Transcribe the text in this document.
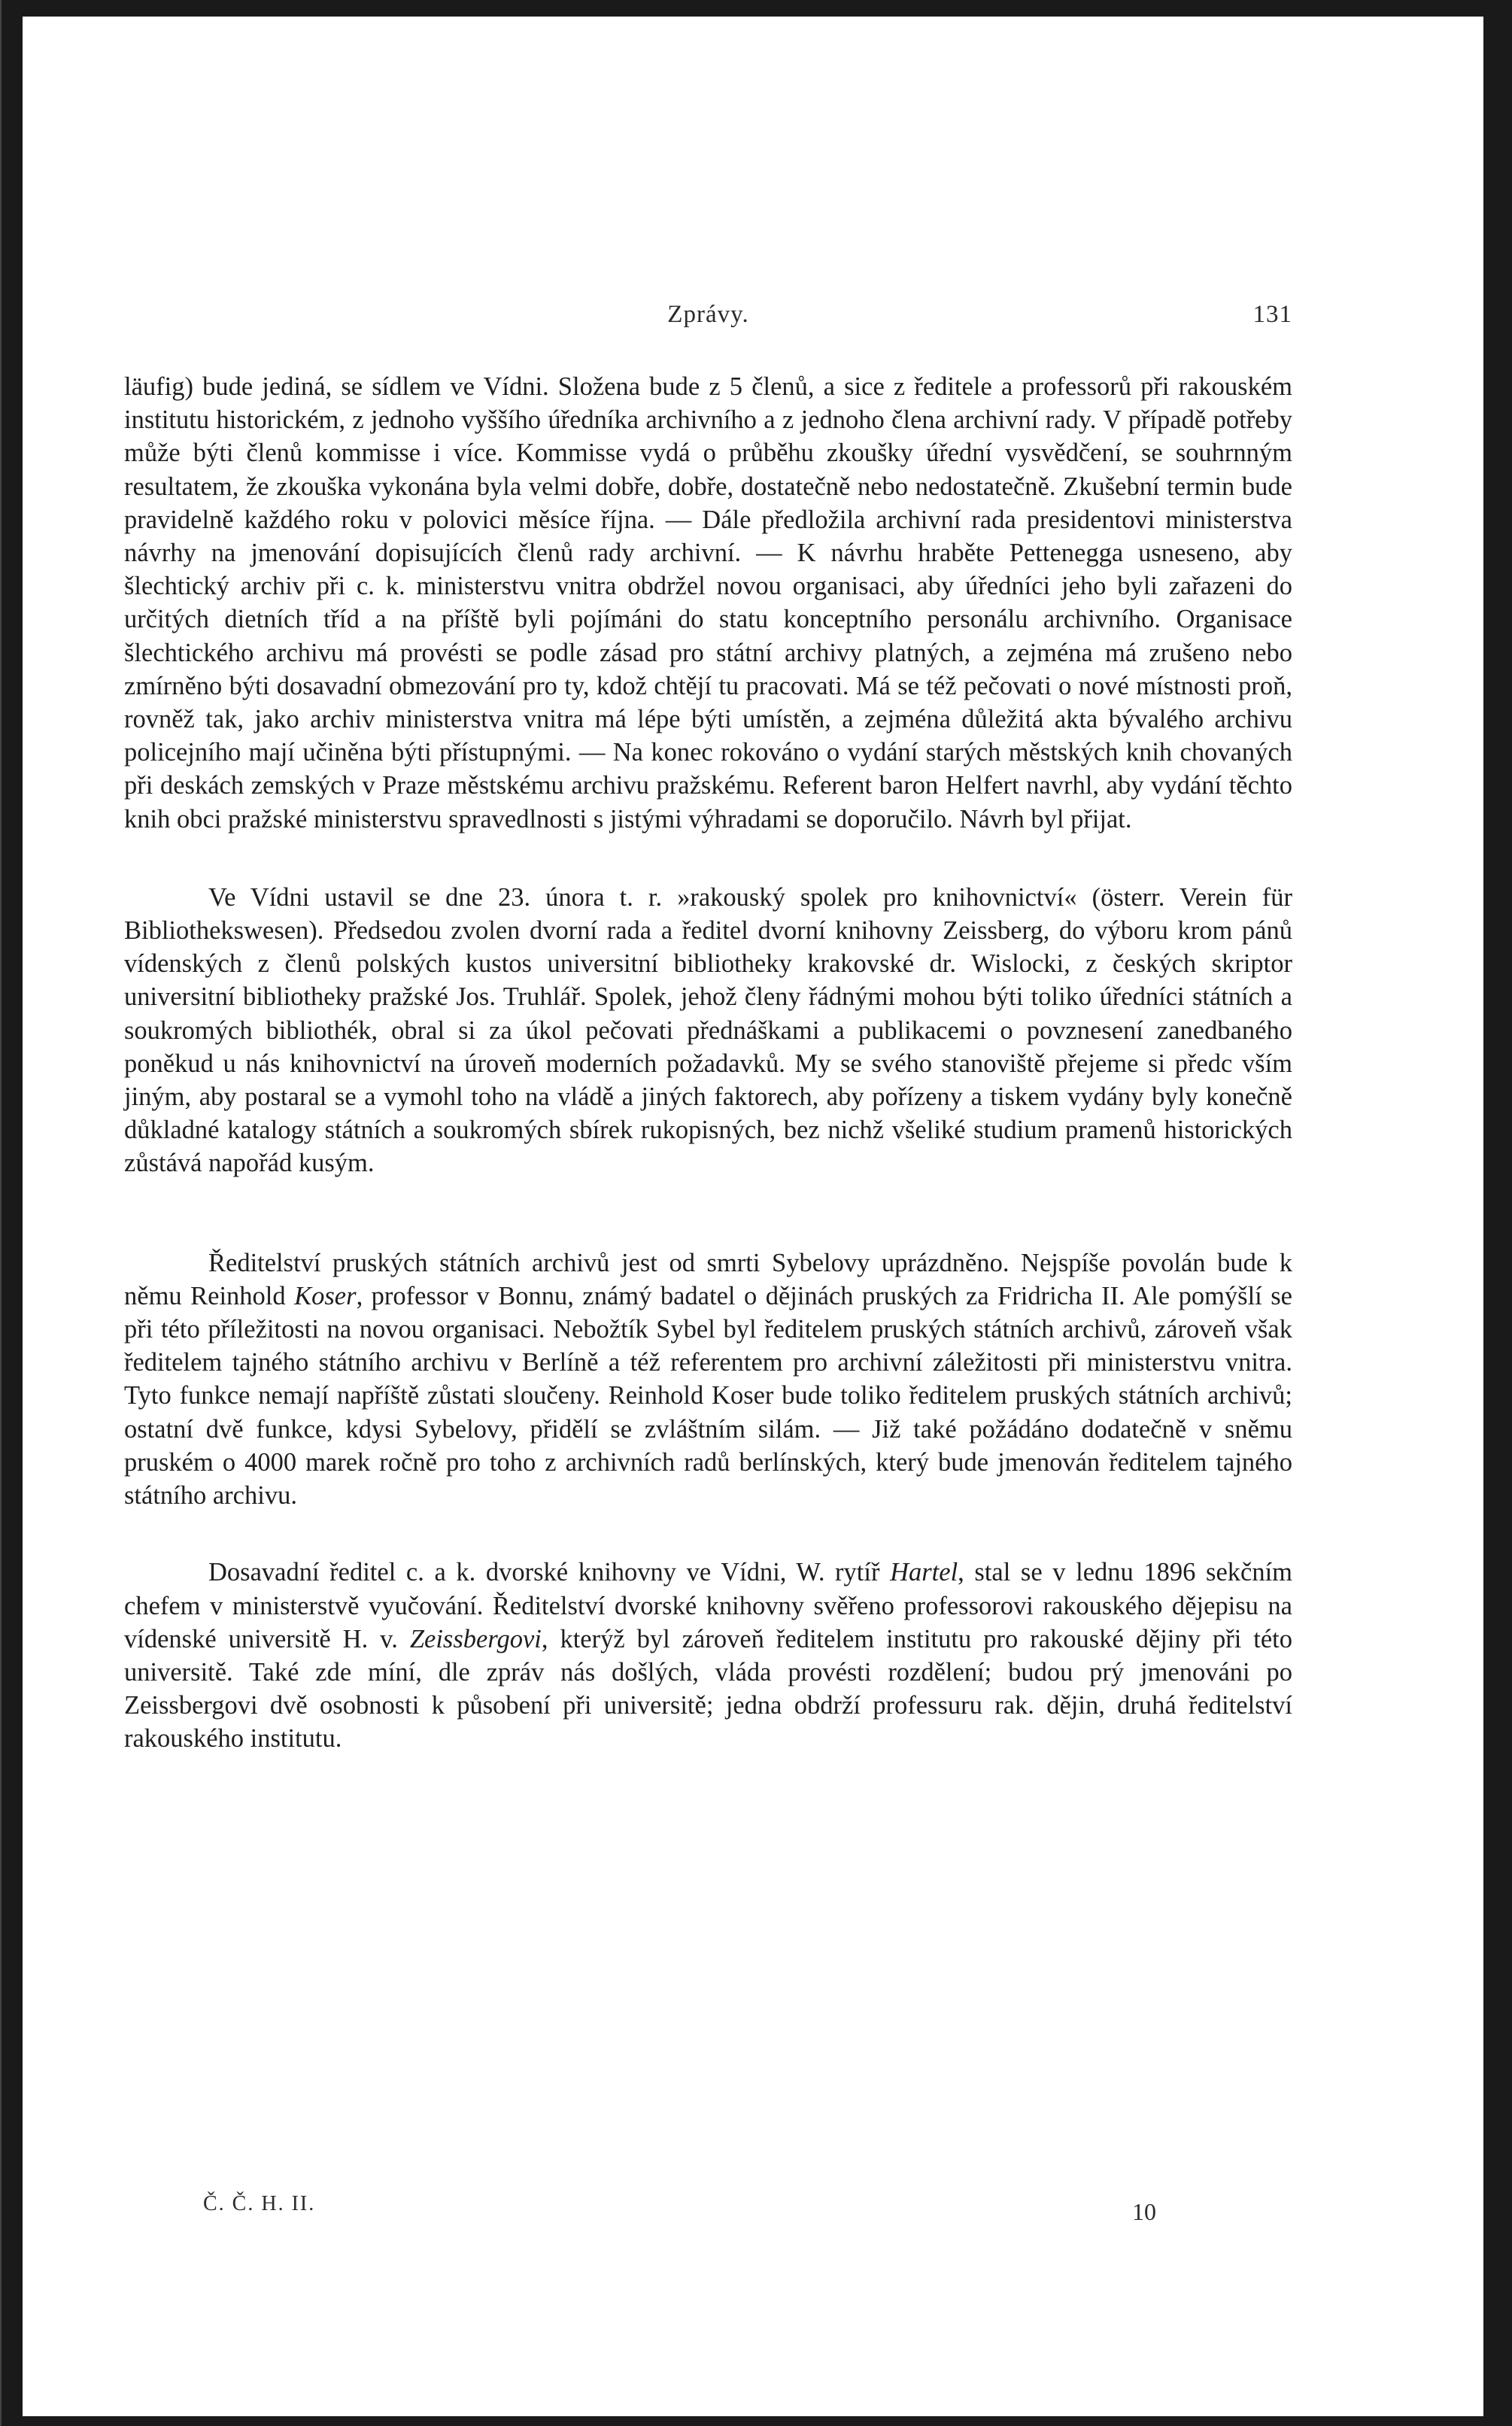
Zprávy.	131

läufig) bude jediná, se sídlem ve Vídni. Složena bude z 5 členů, a sice z ředitele a professorů při rakouském institutu historickém, z jednoho vyššího úředníka archivního a z jednoho člena archivní rady. V případě potřeby může býti členů kommisse i více. Kommisse vydá o průběhu zkoušky úřední vysvědčení, se souhrnným resultatem, že zkouška vykonána byla velmi dobře, dobře, dostatečně nebo nedostatečně. Zkušební termin bude pravidelně každého roku v polovici měsíce října. — Dále předložila archivní rada presidentovi ministerstva návrhy na jmenování dopisujících členů rady archivní. — K návrhu hraběte Pettenegga usneseno, aby šlechtický archiv při c. k. ministerstvu vnitra obdržel novou organisaci, aby úředníci jeho byli zařazeni do určitých dietních tříd a na příště byli pojímáni do statu konceptního personálu archivního. Organisace šlechtického archivu má provésti se podle zásad pro státní archivy platných, a zejména má zrušeno nebo zmírněno býti dosavadní obmezování pro ty, kdož chtějí tu pracovati. Má se též pečovati o nové místnosti proň, rovněž tak, jako archiv ministerstva vnitra má lépe býti umístěn, a zejména důležitá akta bývalého archivu policejního mají učiněna býti přístupnými. — Na konec rokováno o vydání starých městských knih chovaných při deskách zemských v Praze městskému archivu pražskému. Referent baron Helfert navrhl, aby vydání těchto knih obci pražské ministerstvu spravedlnosti s jistými výhradami se doporučilo. Návrh byl přijat.

Ve Vídni ustavil se dne 23. února t. r. »rakouský spolek pro knihovnictví« (österr. Verein für Bibliothekswesen). Předsedou zvolen dvorní rada a ředitel dvorní knihovny Zeissberg, do výboru krom pánů vídenských z členů polských kustos universitní bibliotheky krakovské dr. Wislocki, z českých skriptor universitní bibliotheky pražské Jos. Truhlář. Spolek, jehož členy řádnými mohou býti toliko úředníci státních a soukromých bibliothék, obral si za úkol pečovati přednáškami a publikacemi o povznesení zanedbaného poněkud u nás knihovnictví na úroveň moderních požadavků. My se svého stanoviště přejeme si předc vším jiným, aby postaral se a vymohl toho na vládě a jiných faktorech, aby pořízeny a tiskem vydány byly konečně důkladné katalogy státních a soukromých sbírek rukopisných, bez nichž všeliké studium pramenů historických zůstává napořád kusým.

Ředitelství pruských státních archivů jest od smrti Sybelovy uprázdněno. Nejspíše povolán bude k němu Reinhold Koser, professor v Bonnu, známý badatel o dějinách pruských za Fridricha II. Ale pomýšlí se při této příležitosti na novou organisaci. Nebožtík Sybel byl ředitelem pruských státních archivů, zároveň však ředitelem tajného státního archivu v Berlíně a též referentem pro archivní záležitosti při ministerstvu vnitra. Tyto funkce nemají napříště zůstati sloučeny. Reinhold Koser bude toliko ředitelem pruských státních archivů; ostatní dvě funkce, kdysi Sybelovy, přidělí se zvláštním silám. — Již také požádáno dodatečně v sněmu pruském o 4000 marek ročně pro toho z archivních radů berlínských, který bude jmenován ředitelem tajného státního archivu.

Dosavadní ředitel c. a k. dvorské knihovny ve Vídni, W. rytíř Hartel, stal se v lednu 1896 sekčním chefem v ministerstvě vyučování. Ředitelství dvorské knihovny svěřeno professorovi rakouského dějepisu na vídenské universitě H. v. Zeissbergovi, kterýž byl zároveň ředitelem institutu pro rakouské dějiny při této universitě. Také zde míní, dle zpráv nás došlých, vláda provésti rozdělení; budou prý jmenováni po Zeissbergovi dvě osobnosti k působení při universitě; jedna obdrží professuru rak. dějin, druhá ředitelství rakouského institutu.

Č. Č. H. II.	10
